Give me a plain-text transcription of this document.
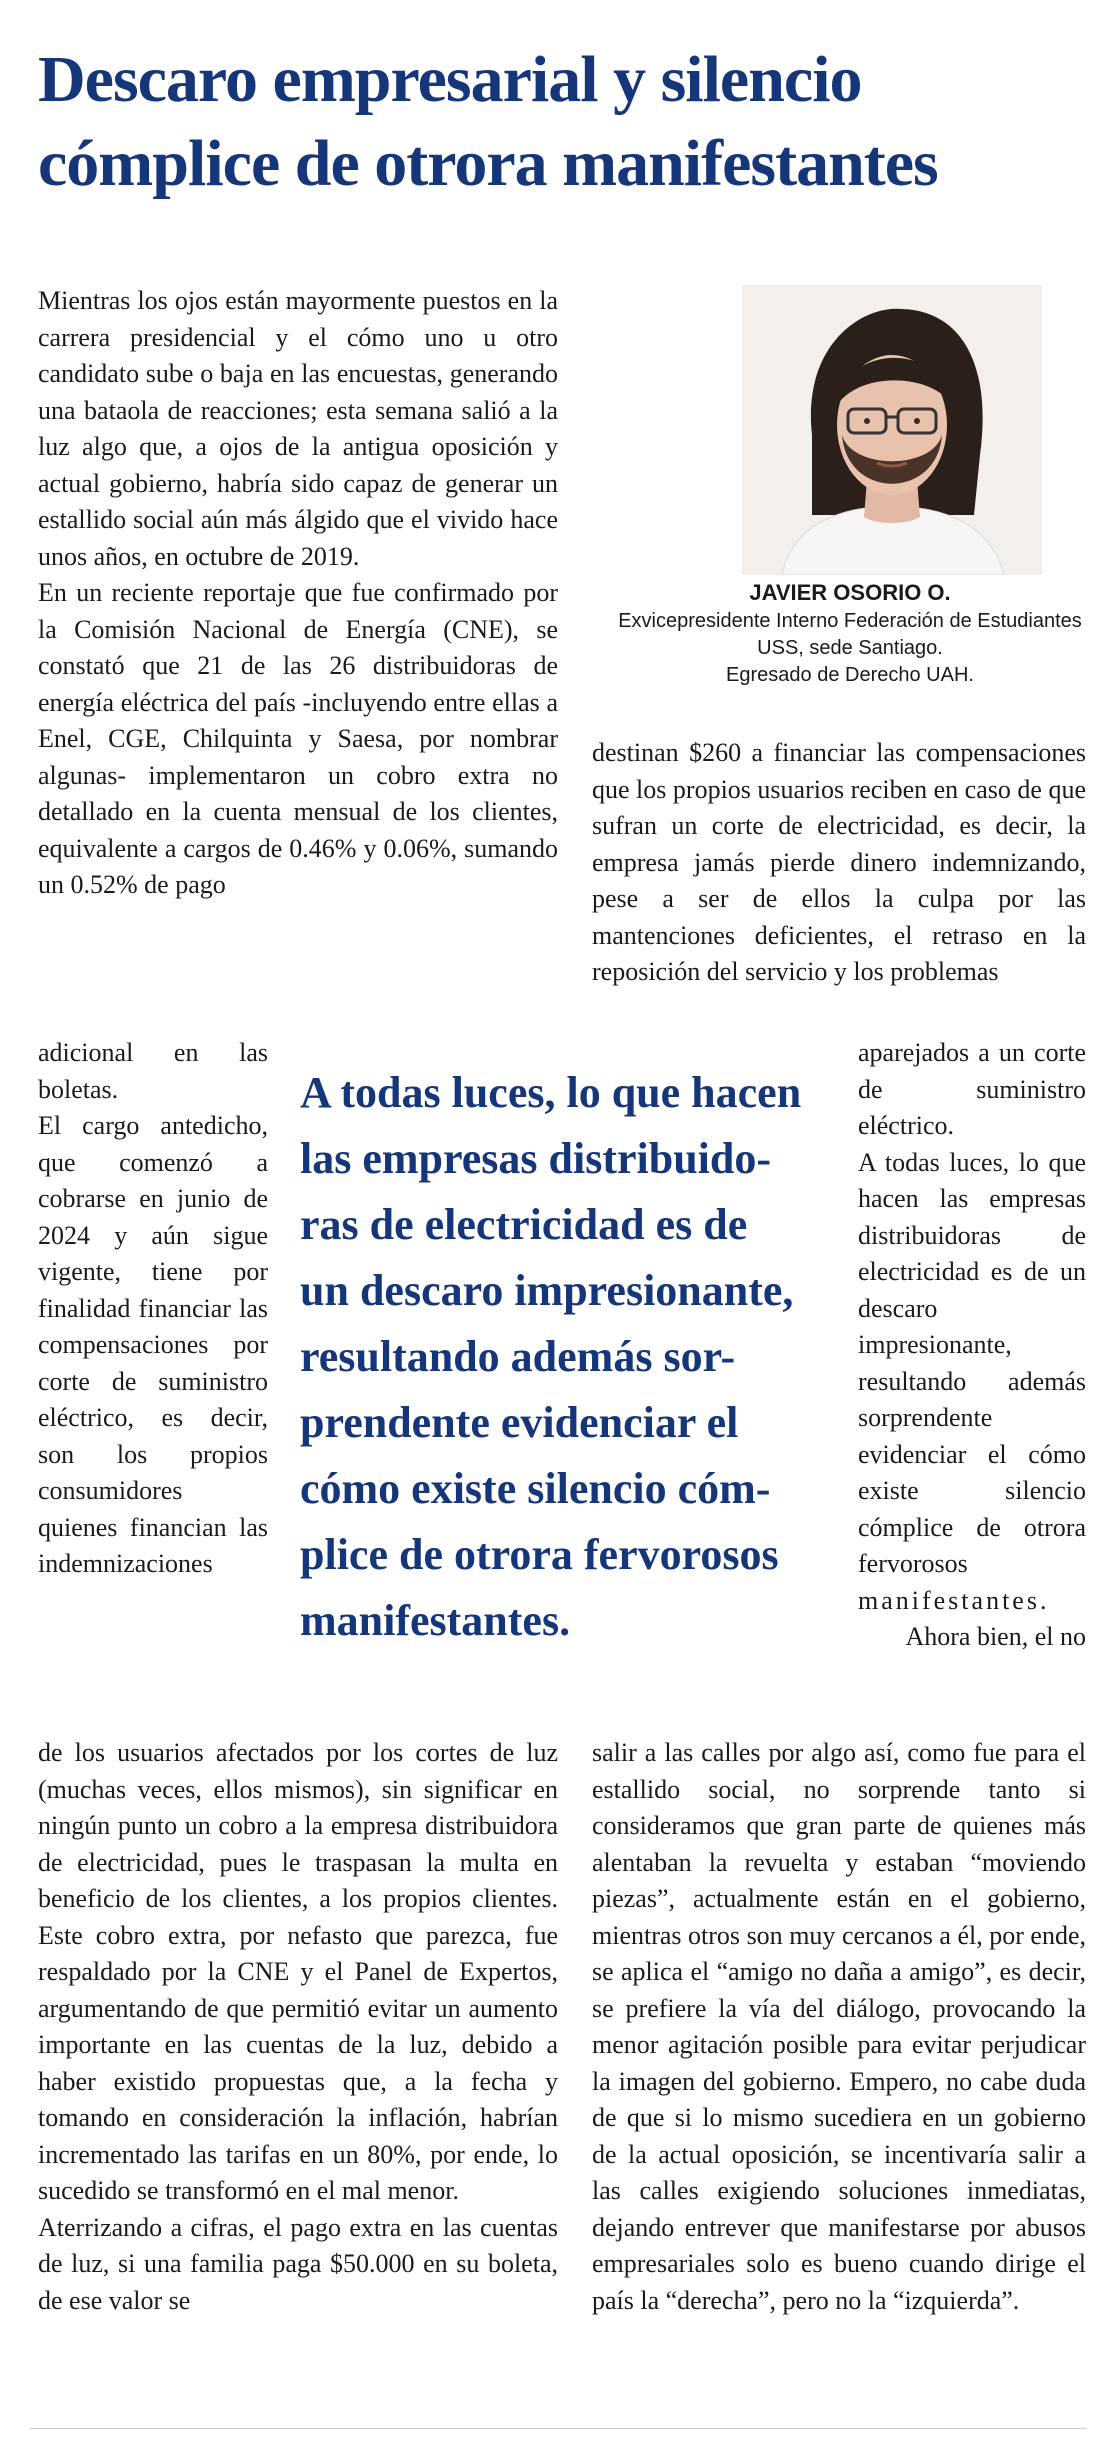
Descaro empresarial y silencio
cómplice de otrora manifestantes

Mientras los ojos están mayormente puestos en la carrera presidencial y el cómo uno u otro candidato sube o baja en las encuestas, generando una bataola de reacciones; esta semana salió a la luz algo que, a ojos de la antigua oposición y actual gobierno, habría sido capaz de generar un estallido social aún más álgido que el vivido hace unos años, en octubre de 2019.

En un reciente reportaje que fue confirmado por la Comisión Nacional de Energía (CNE), se constató que 21 de las 26 distribuidoras de energía eléctrica del país -incluyendo entre ellas a Enel, CGE, Chilquinta y Saesa, por nombrar algunas- implementaron un cobro extra no detallado en la cuenta mensual de los clientes, equivalente a cargos de 0.46% y 0.06%, sumando un 0.52% de pago

JAVIER OSORIO O.
Exvicepresidente Interno Federación de Estudiantes
USS, sede Santiago.
Egresado de Derecho UAH.

destinan $260 a financiar las compensaciones que los propios usuarios reciben en caso de que sufran un corte de electricidad, es decir, la empresa jamás pierde dinero indemnizando, pese a ser de ellos la culpa por las mantenciones deficientes, el retraso en la reposición del servicio y los problemas

adicional en las boletas.

El cargo antedicho, que comenzó a cobrarse en junio de 2024 y aún sigue vigente, tiene por finalidad financiar las compensaciones por corte de suministro eléctrico, es decir, son los propios consumidores quienes financian las indemnizaciones

A todas luces, lo que hacen
las empresas distribuido-
ras de electricidad es de
un descaro impresionante,
resultando además sor-
prendente evidenciar el
cómo existe silencio cóm-
plice de otrora fervorosos
manifestantes.

aparejados a un corte de suministro eléctrico.

A todas luces, lo que hacen las empresas distribuidoras de electricidad es de un descaro impresionante, resultando además sorprendente evidenciar el cómo existe silencio cómplice de otrora fervorosos

manifestantes.

Ahora bien, el no

de los usuarios afectados por los cortes de luz (muchas veces, ellos mismos), sin significar en ningún punto un cobro a la empresa distribuidora de electricidad, pues le traspasan la multa en beneficio de los clientes, a los propios clientes. Este cobro extra, por nefasto que parezca, fue respaldado por la CNE y el Panel de Expertos, argumentando de que permitió evitar un aumento importante en las cuentas de la luz, debido a haber existido propuestas que, a la fecha y tomando en consideración la inflación, habrían incrementado las tarifas en un 80%, por ende, lo sucedido se transformó en el mal menor.

Aterrizando a cifras, el pago extra en las cuentas de luz, si una familia paga $50.000 en su boleta, de ese valor se

salir a las calles por algo así, como fue para el estallido social, no sorprende tanto si consideramos que gran parte de quienes más alentaban la revuelta y estaban “moviendo piezas”, actualmente están en el gobierno, mientras otros son muy cercanos a él, por ende, se aplica el “amigo no daña a amigo”, es decir, se prefiere la vía del diálogo, provocando la menor agitación posible para evitar perjudicar la imagen del gobierno. Empero, no cabe duda de que si lo mismo sucediera en un gobierno de la actual oposición, se incentivaría salir a las calles exigiendo soluciones inmediatas, dejando entrever que manifestarse por abusos empresariales solo es bueno cuando dirige el país la “derecha”, pero no la “izquierda”.
